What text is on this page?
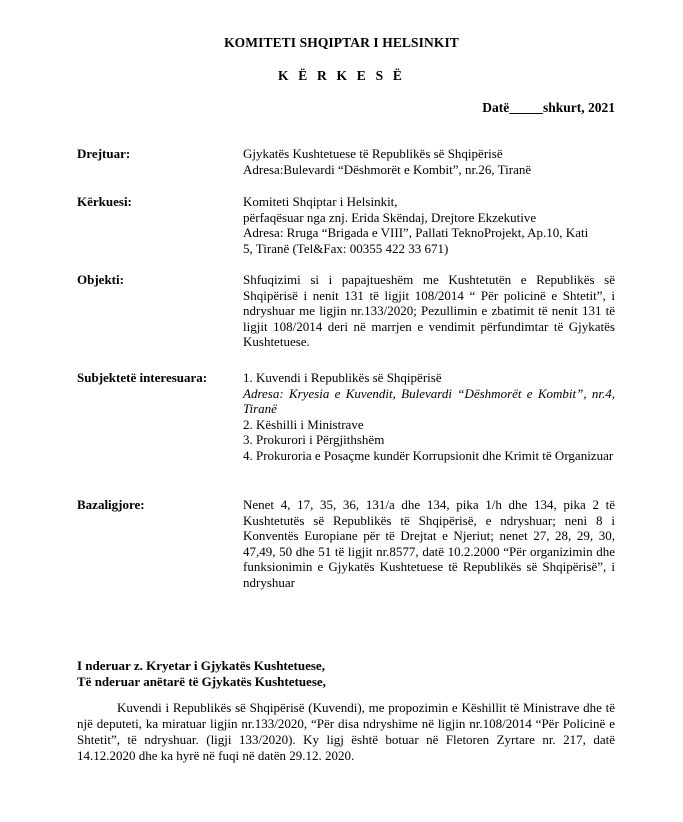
KOMITETI SHQIPTAR I HELSINKIT
K Ë R K E S Ë
Datë_____shkurt, 2021
Drejtuar:	Gjykatës Kushtetuese të Republikës së Shqipërisë
Adresa:Bulevardi “Dëshmorët e Kombit”, nr.26, Tiranë
Kërkuesi:	Komiteti Shqiptar i Helsinkit,
përfaqësuar nga znj. Erida Skëndaj, Drejtore Ekzekutive
Adresa: Rruga “Brigada e VIII”, Pallati TeknoProjekt, Ap.10, Kati
5, Tiranë (Tel&Fax: 00355 422 33 671)
Objekti:	Shfuqizimi si i papajtueshëm me Kushtetutën e Republikës së Shqipërisë i nenit 131 të ligjit 108/2014 “ Për policinë e Shtetit”, i ndryshuar me ligjin nr.133/2020; Pezullimin e zbatimit të nenit 131 të ligjit 108/2014 deri në marrjen e vendimit përfundimtar të Gjykatës Kushtetuese.
Subjektetë interesuara:	1. Kuvendi i Republikës së Shqipërisë
Adresa: Kryesia e Kuvendit, Bulevardi “Dëshmorët e Kombit”, nr.4, Tiranë
2. Këshilli i Ministrave
3. Prokurori i Përgjithshëm
4. Prokuroria e Posaçme kundër Korrupsionit dhe Krimit të Organizuar
Bazaligjore:	Nenet 4, 17, 35, 36, 131/a dhe 134, pika 1/h dhe 134, pika 2 të Kushtetutës së Republikës të Shqipërisë, e ndryshuar; neni 8 i Konventës Europiane për të Drejtat e Njeriut; nenet 27, 28, 29, 30, 47,49, 50 dhe 51 të ligjit nr.8577, datë 10.2.2000 “Për organizimin dhe funksionimin e Gjykatës Kushtetuese të Republikës së Shqipërisë”, i ndryshuar
I nderuar z. Kryetar i Gjykatës Kushtetuese,
Të nderuar anëtarë të Gjykatës Kushtetuese,
Kuvendi i Republikës së Shqipërisë (Kuvendi), me propozimin e Këshillit të Ministrave dhe të një deputeti, ka miratuar ligjin nr.133/2020, “Për disa ndryshime në ligjin nr.108/2014 “Për Policinë e Shtetit”, të ndryshuar. (ligji 133/2020). Ky ligj është botuar në Fletoren Zyrtare nr. 217, datë 14.12.2020 dhe ka hyrë në fuqi në datën 29.12. 2020.
